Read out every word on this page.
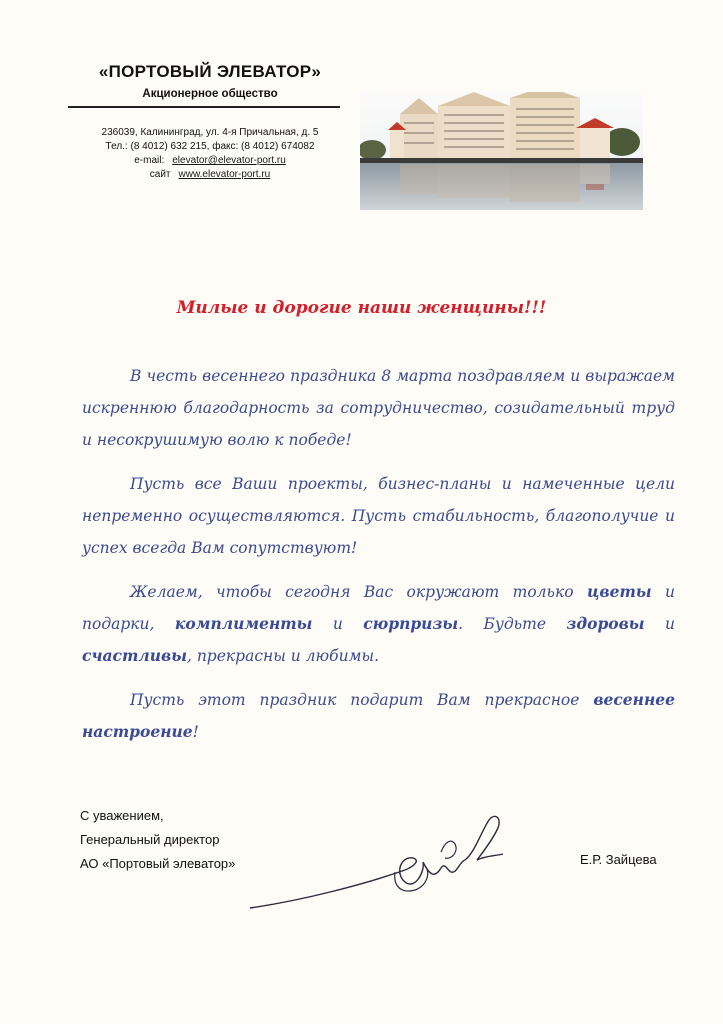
«ПОРТОВЫЙ ЭЛЕВАТОР»
Акционерное общество
236039, Калининград, ул. 4-я Причальная, д. 5
Тел.: (8 4012) 632 215, факс: (8 4012) 674082
e-mail: elevator@elevator-port.ru
сайт www.elevator-port.ru
Милые и дорогие наши женщины!!!

В честь весеннего праздника 8 марта поздравляем и выражаем искреннюю благодарность за сотрудничество, созидательный труд и несокрушимую волю к победе!

Пусть все Ваши проекты, бизнес-планы и намеченные цели непременно осуществляются. Пусть стабильность, благополучие и успех всегда Вам сопутствуют!

Желаем, чтобы сегодня Вас окружают только цветы и подарки, комплименты и сюрпризы. Будьте здоровы и счастливы, прекрасны и любимы.

Пусть этот праздник подарит Вам прекрасное весеннее настроение!

С уважением,
Генеральный директор
АО «Портовый элеватор»	Е.Р. Зайцева
